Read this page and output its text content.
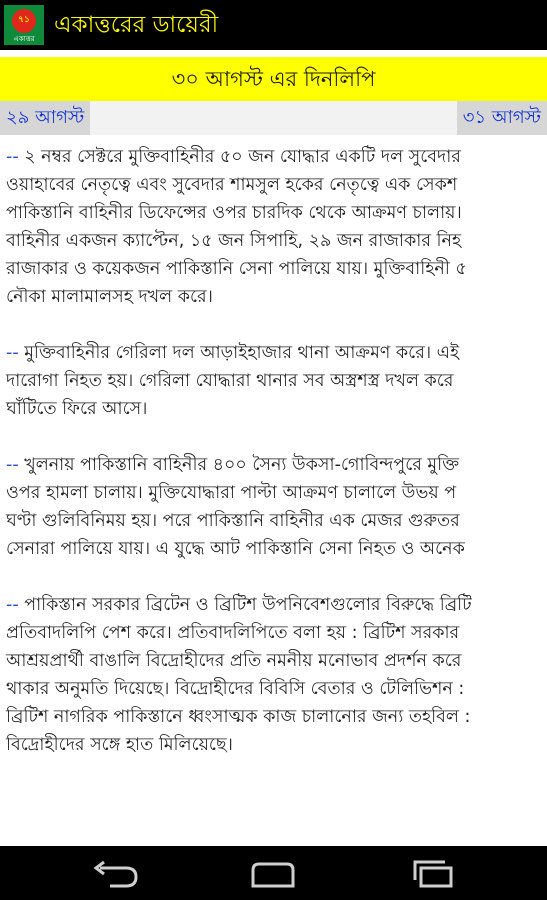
৭১
একাত্তর
একাত্তরের ডায়েরী
৩০ আগস্ট এর দিনলিপি
২৯ আগস্ট	৩১ আগস্ট
-- ২ নম্বর সেক্টরে মুক্তিবাহিনীর ৫০ জন যোদ্ধার একটি দল সুবেদার
ওয়াহাবের নেতৃত্বে এবং সুবেদার শামসুল হকের নেতৃত্বে এক সেকশ
পাকিস্তানি বাহিনীর ডিফেন্সের ওপর চারদিক থেকে আক্রমণ চালায়।
বাহিনীর একজন ক্যাপ্টেন, ১৫ জন সিপাহি, ২৯ জন রাজাকার নিহ
রাজাকার ও কয়েকজন পাকিস্তানি সেনা পালিয়ে যায়। মুক্তিবাহিনী ৫
নৌকা মালামালসহ দখল করে।
-- মুক্তিবাহিনীর গেরিলা দল আড়াইহাজার থানা আক্রমণ করে। এই
দারোগা নিহত হয়। গেরিলা যোদ্ধারা থানার সব অস্ত্রশস্ত্র দখল করে
ঘাঁটিতে ফিরে আসে।
-- খুলনায় পাকিস্তানি বাহিনীর ৪০০ সৈন্য উকসা-গোবিন্দপুরে মুক্তি
ওপর হামলা চালায়। মুক্তিযোদ্ধারা পাল্টা আক্রমণ চালালে উভয় প
ঘণ্টা গুলিবিনিময় হয়। পরে পাকিস্তানি বাহিনীর এক মেজর গুরুতর
সেনারা পালিয়ে যায়। এ যুদ্ধে আট পাকিস্তানি সেনা নিহত ও অনেক
-- পাকিস্তান সরকার ব্রিটেন ও ব্রিটিশ উপনিবেশগুলোর বিরুদ্ধে ব্রিটি
প্রতিবাদলিপি পেশ করে। প্রতিবাদলিপিতে বলা হয় : ব্রিটিশ সরকার
আশ্রয়প্রার্থী বাঙালি বিদ্রোহীদের প্রতি নমনীয় মনোভাব প্রদর্শন করে
থাকার অনুমতি দিয়েছে। বিদ্রোহীদের বিবিসি বেতার ও টেলিভিশন :
ব্রিটিশ নাগরিক পাকিস্তানে ধ্বংসাত্মক কাজ চালানোর জন্য তহবিল :
বিদ্রোহীদের সঙ্গে হাত মিলিয়েছে।
